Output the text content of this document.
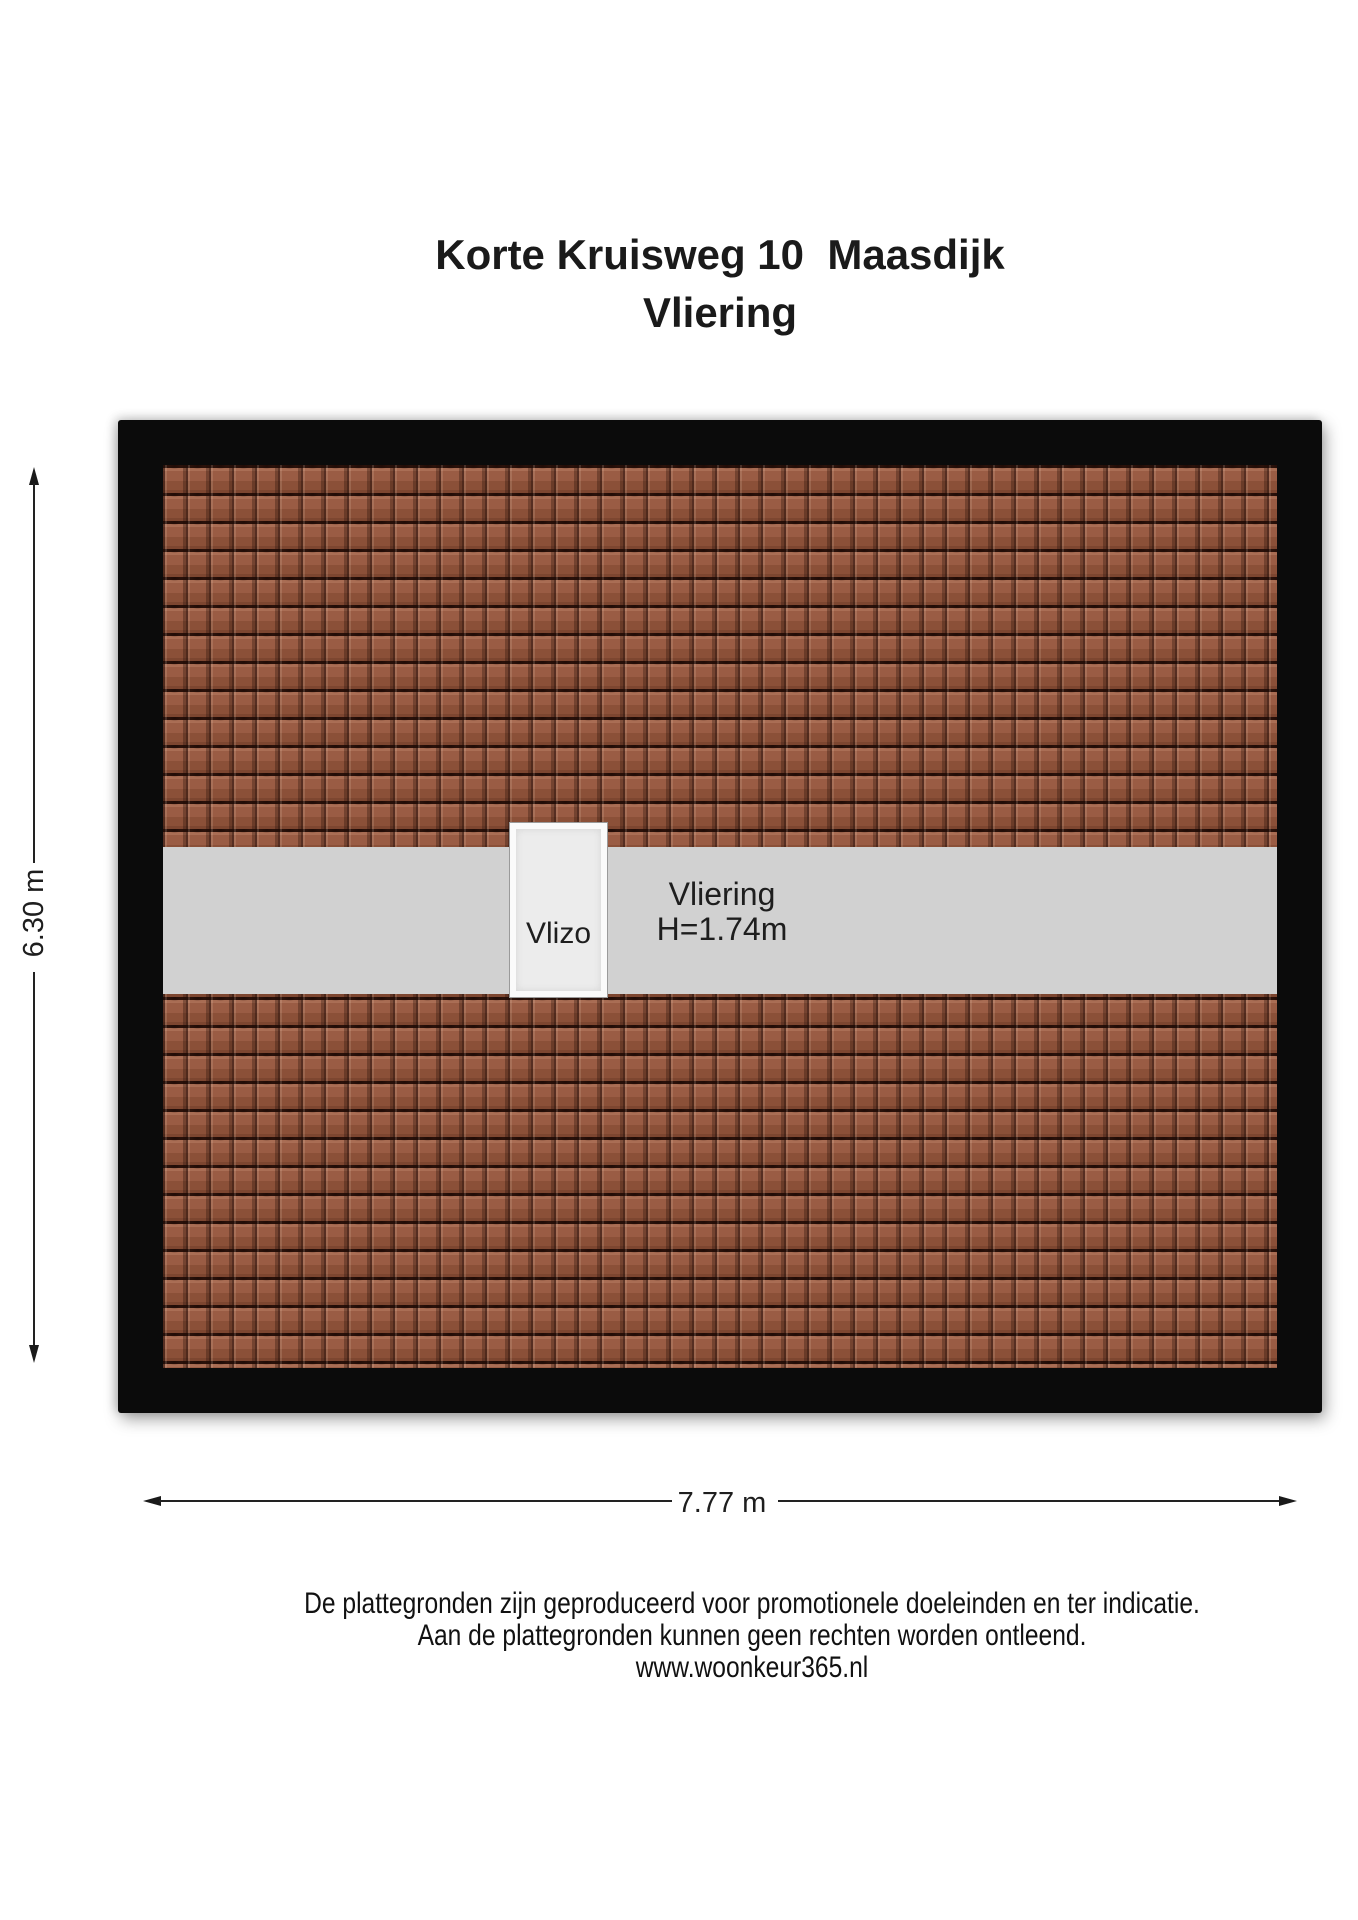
Korte Kruisweg 10  Maasdijk
Vliering
Vliering
H=1.74m
Vlizo
6.30 m
7.77 m
De plattegronden zijn geproduceerd voor promotionele doeleinden en ter indicatie.
Aan de plattegronden kunnen geen rechten worden ontleend.
www.woonkeur365.nl
